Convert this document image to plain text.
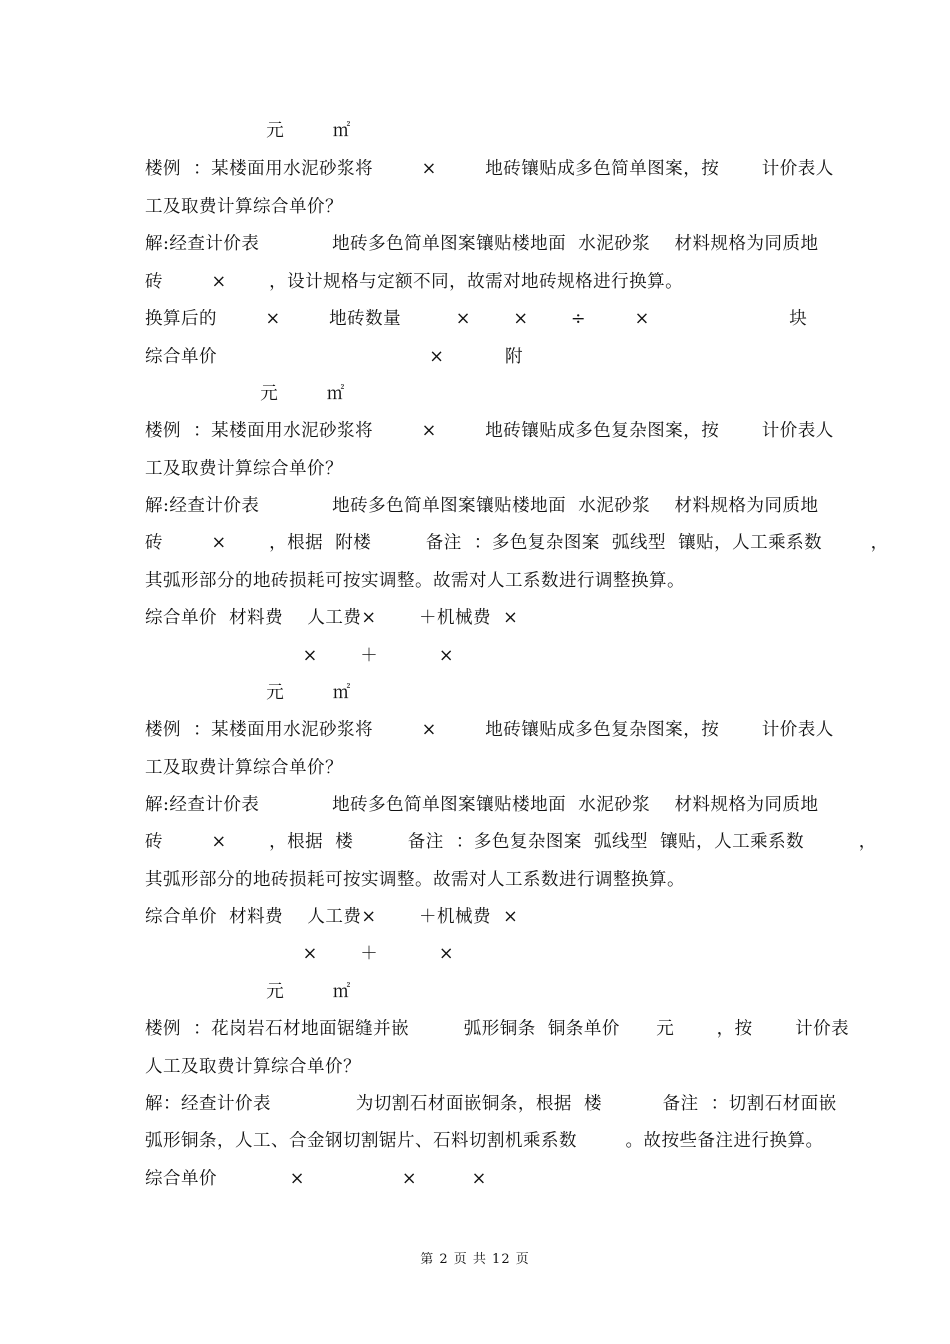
元        ㎡
楼例  ：某楼面用水泥砂浆将        ×        地砖镶贴成多色简单图案，按       计价表人
工及取费计算综合单价？
解:经查计价表            地砖多色简单图案镶贴楼地面  水泥砂浆    材料规格为同质地
砖        ×       ，设计规格与定额不同，故需对地砖规格进行换算。
换算后的        ×        地砖数量         ×       ×       ÷        ×                       块
综合单价                                   ×          附
元        ㎡
楼例  ：某楼面用水泥砂浆将        ×        地砖镶贴成多色复杂图案，按       计价表人
工及取费计算综合单价？
解:经查计价表            地砖多色简单图案镶贴楼地面  水泥砂浆    材料规格为同质地
砖        ×       ，根据  附楼         备注  ：多色复杂图案  弧线型  镶贴，人工乘系数        ，
其弧形部分的地砖损耗可按实调整。故需对人工系数进行调整换算。
综合单价  材料费    人工费×       ＋机械费  ×
×       ＋          ×
元        ㎡
楼例  ：某楼面用水泥砂浆将        ×        地砖镶贴成多色复杂图案，按       计价表人
工及取费计算综合单价？
解:经查计价表            地砖多色简单图案镶贴楼地面  水泥砂浆    材料规格为同质地
砖        ×       ，根据  楼         备注  ：多色复杂图案  弧线型  镶贴，人工乘系数         ，
其弧形部分的地砖损耗可按实调整。故需对人工系数进行调整换算。
综合单价  材料费    人工费×       ＋机械费  ×
×       ＋          ×
元        ㎡
楼例  ：花岗岩石材地面锯缝并嵌         弧形铜条  铜条单价      元       ，按       计价表
人工及取费计算综合单价？
解：经查计价表              为切割石材面嵌铜条，根据  楼          备注  ：切割石材面嵌
弧形铜条，人工、合金钢切割锯片、石料切割机乘系数        。故按些备注进行换算。
综合单价            ×                ×         ×
第 2 页 共 12 页
